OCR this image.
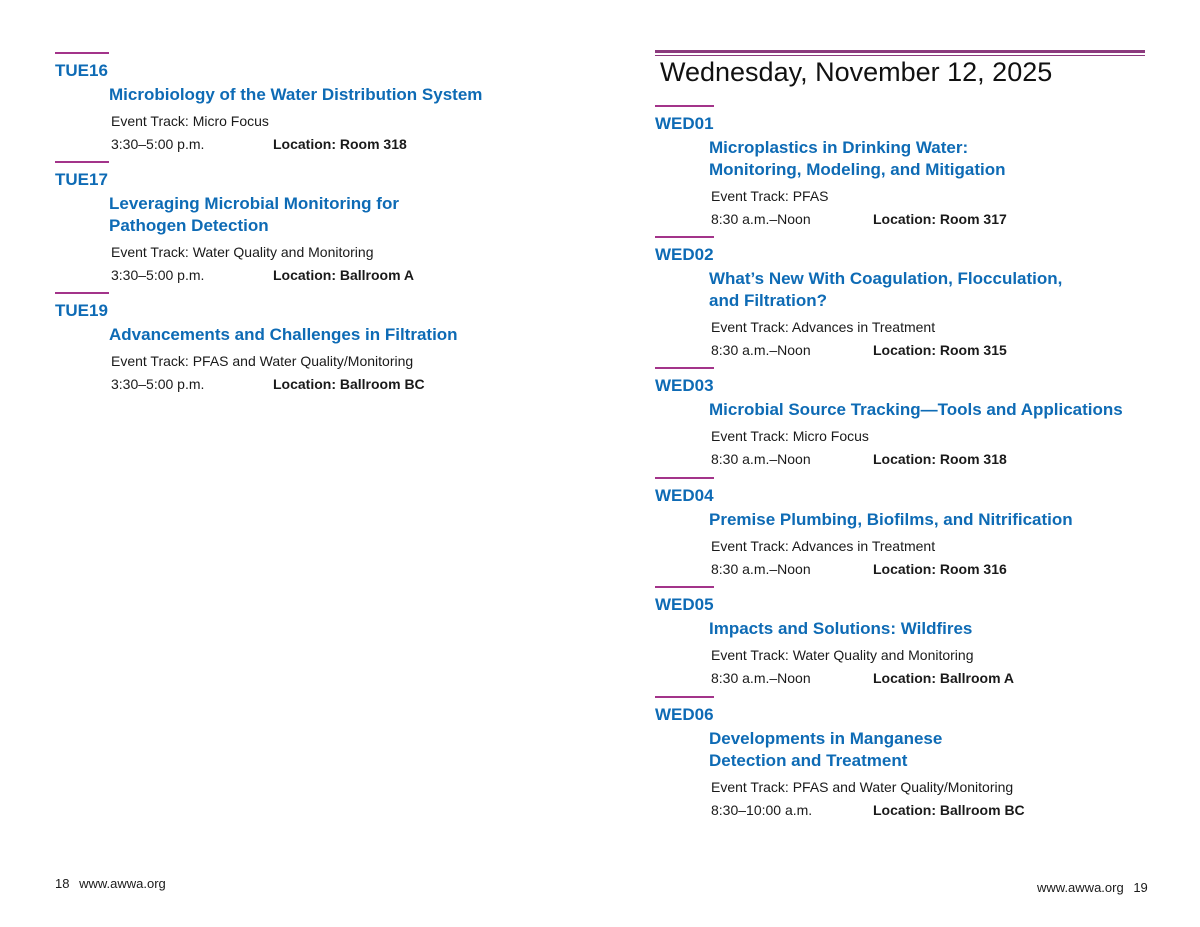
TUE16
Microbiology of the Water Distribution System
Event Track: Micro Focus
3:30–5:00 p.m.	Location: Room 318
TUE17
Leveraging Microbial Monitoring for
Pathogen Detection
Event Track: Water Quality and Monitoring
3:30–5:00 p.m.	Location: Ballroom A
TUE19
Advancements and Challenges in Filtration
Event Track: PFAS and Water Quality/Monitoring
3:30–5:00 p.m.	Location: Ballroom BC
18 www.awwa.org
Wednesday, November 12, 2025
WED01
Microplastics in Drinking Water:
Monitoring, Modeling, and Mitigation
Event Track: PFAS
8:30 a.m.–Noon	Location: Room 317
WED02
What’s New With Coagulation, Flocculation,
and Filtration?
Event Track: Advances in Treatment
8:30 a.m.–Noon	Location: Room 315
WED03
Microbial Source Tracking—Tools and Applications
Event Track: Micro Focus
8:30 a.m.–Noon	Location: Room 318
WED04
Premise Plumbing, Biofilms, and Nitrification
Event Track: Advances in Treatment
8:30 a.m.–Noon	Location: Room 316
WED05
Impacts and Solutions: Wildfires
Event Track: Water Quality and Monitoring
8:30 a.m.–Noon	Location: Ballroom A
WED06
Developments in Manganese
Detection and Treatment
Event Track: PFAS and Water Quality/Monitoring
8:30–10:00 a.m.	Location: Ballroom BC
www.awwa.org 19
